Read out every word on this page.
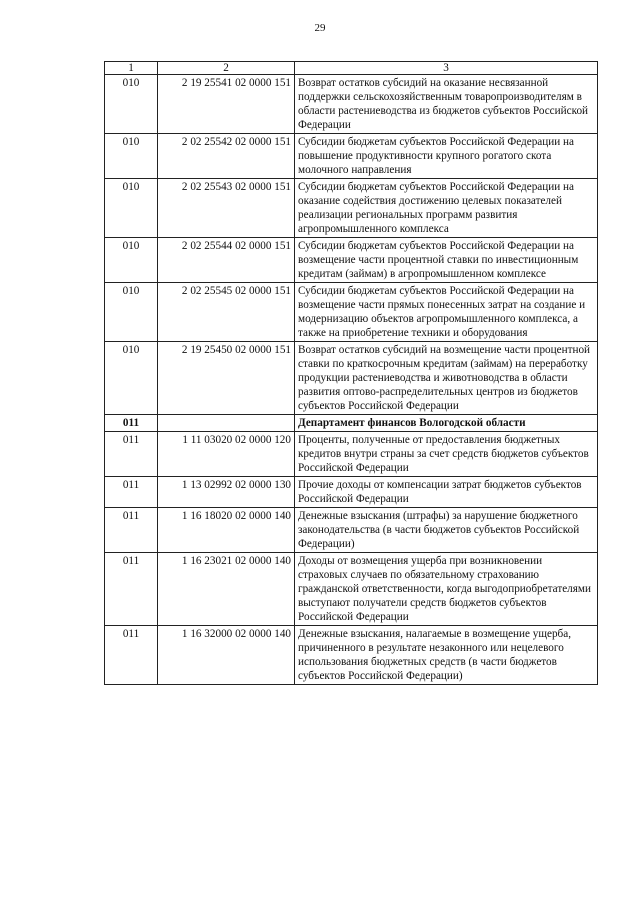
29
1	2	3
010	2 19 25541 02 0000 151	Возврат остатков субсидий на оказание несвязанной поддержки сельскохозяйственным товаропроизводителям в области растениеводства из бюджетов субъектов Российской Федерации
010	2 02 25542 02 0000 151	Субсидии бюджетам субъектов Российской Федерации на повышение продуктивности крупного рогатого скота молочного направления
010	2 02 25543 02 0000 151	Субсидии бюджетам субъектов Российской Федерации на оказание содействия достижению целевых показателей реализации региональных программ развития агропромышленного комплекса
010	2 02 25544 02 0000 151	Субсидии бюджетам субъектов Российской Федерации на возмещение части процентной ставки по инвестиционным кредитам (займам) в агропромышленном комплексе
010	2 02 25545 02 0000 151	Субсидии бюджетам субъектов Российской Федерации на возмещение части прямых понесенных затрат на создание и модернизацию объектов агропромышленного комплекса, а также на приобретение техники и оборудования
010	2 19 25450 02 0000 151	Возврат остатков субсидий на возмещение части процентной ставки по краткосрочным кредитам (займам) на переработку продукции растениеводства и животноводства в области развития оптово-распределительных центров из бюджетов субъектов Российской Федерации
011		Департамент финансов Вологодской области
011	1 11 03020 02 0000 120	Проценты, полученные от предоставления бюджетных кредитов внутри страны за счет средств бюджетов субъектов Российской Федерации
011	1 13 02992 02 0000 130	Прочие доходы от компенсации затрат бюджетов субъектов Российской Федерации
011	1 16 18020 02 0000 140	Денежные взыскания (штрафы) за нарушение бюджетного законодательства (в части бюджетов субъектов Российской Федерации)
011	1 16 23021 02 0000 140	Доходы от возмещения ущерба при возникновении страховых случаев по обязательному страхованию гражданской ответственности, когда выгодоприобретателями выступают получатели средств бюджетов субъектов Российской Федерации
011	1 16 32000 02 0000 140	Денежные взыскания, налагаемые в возмещение ущерба, причиненного в результате незаконного или нецелевого использования бюджетных средств (в части бюджетов субъектов Российской Федерации)
